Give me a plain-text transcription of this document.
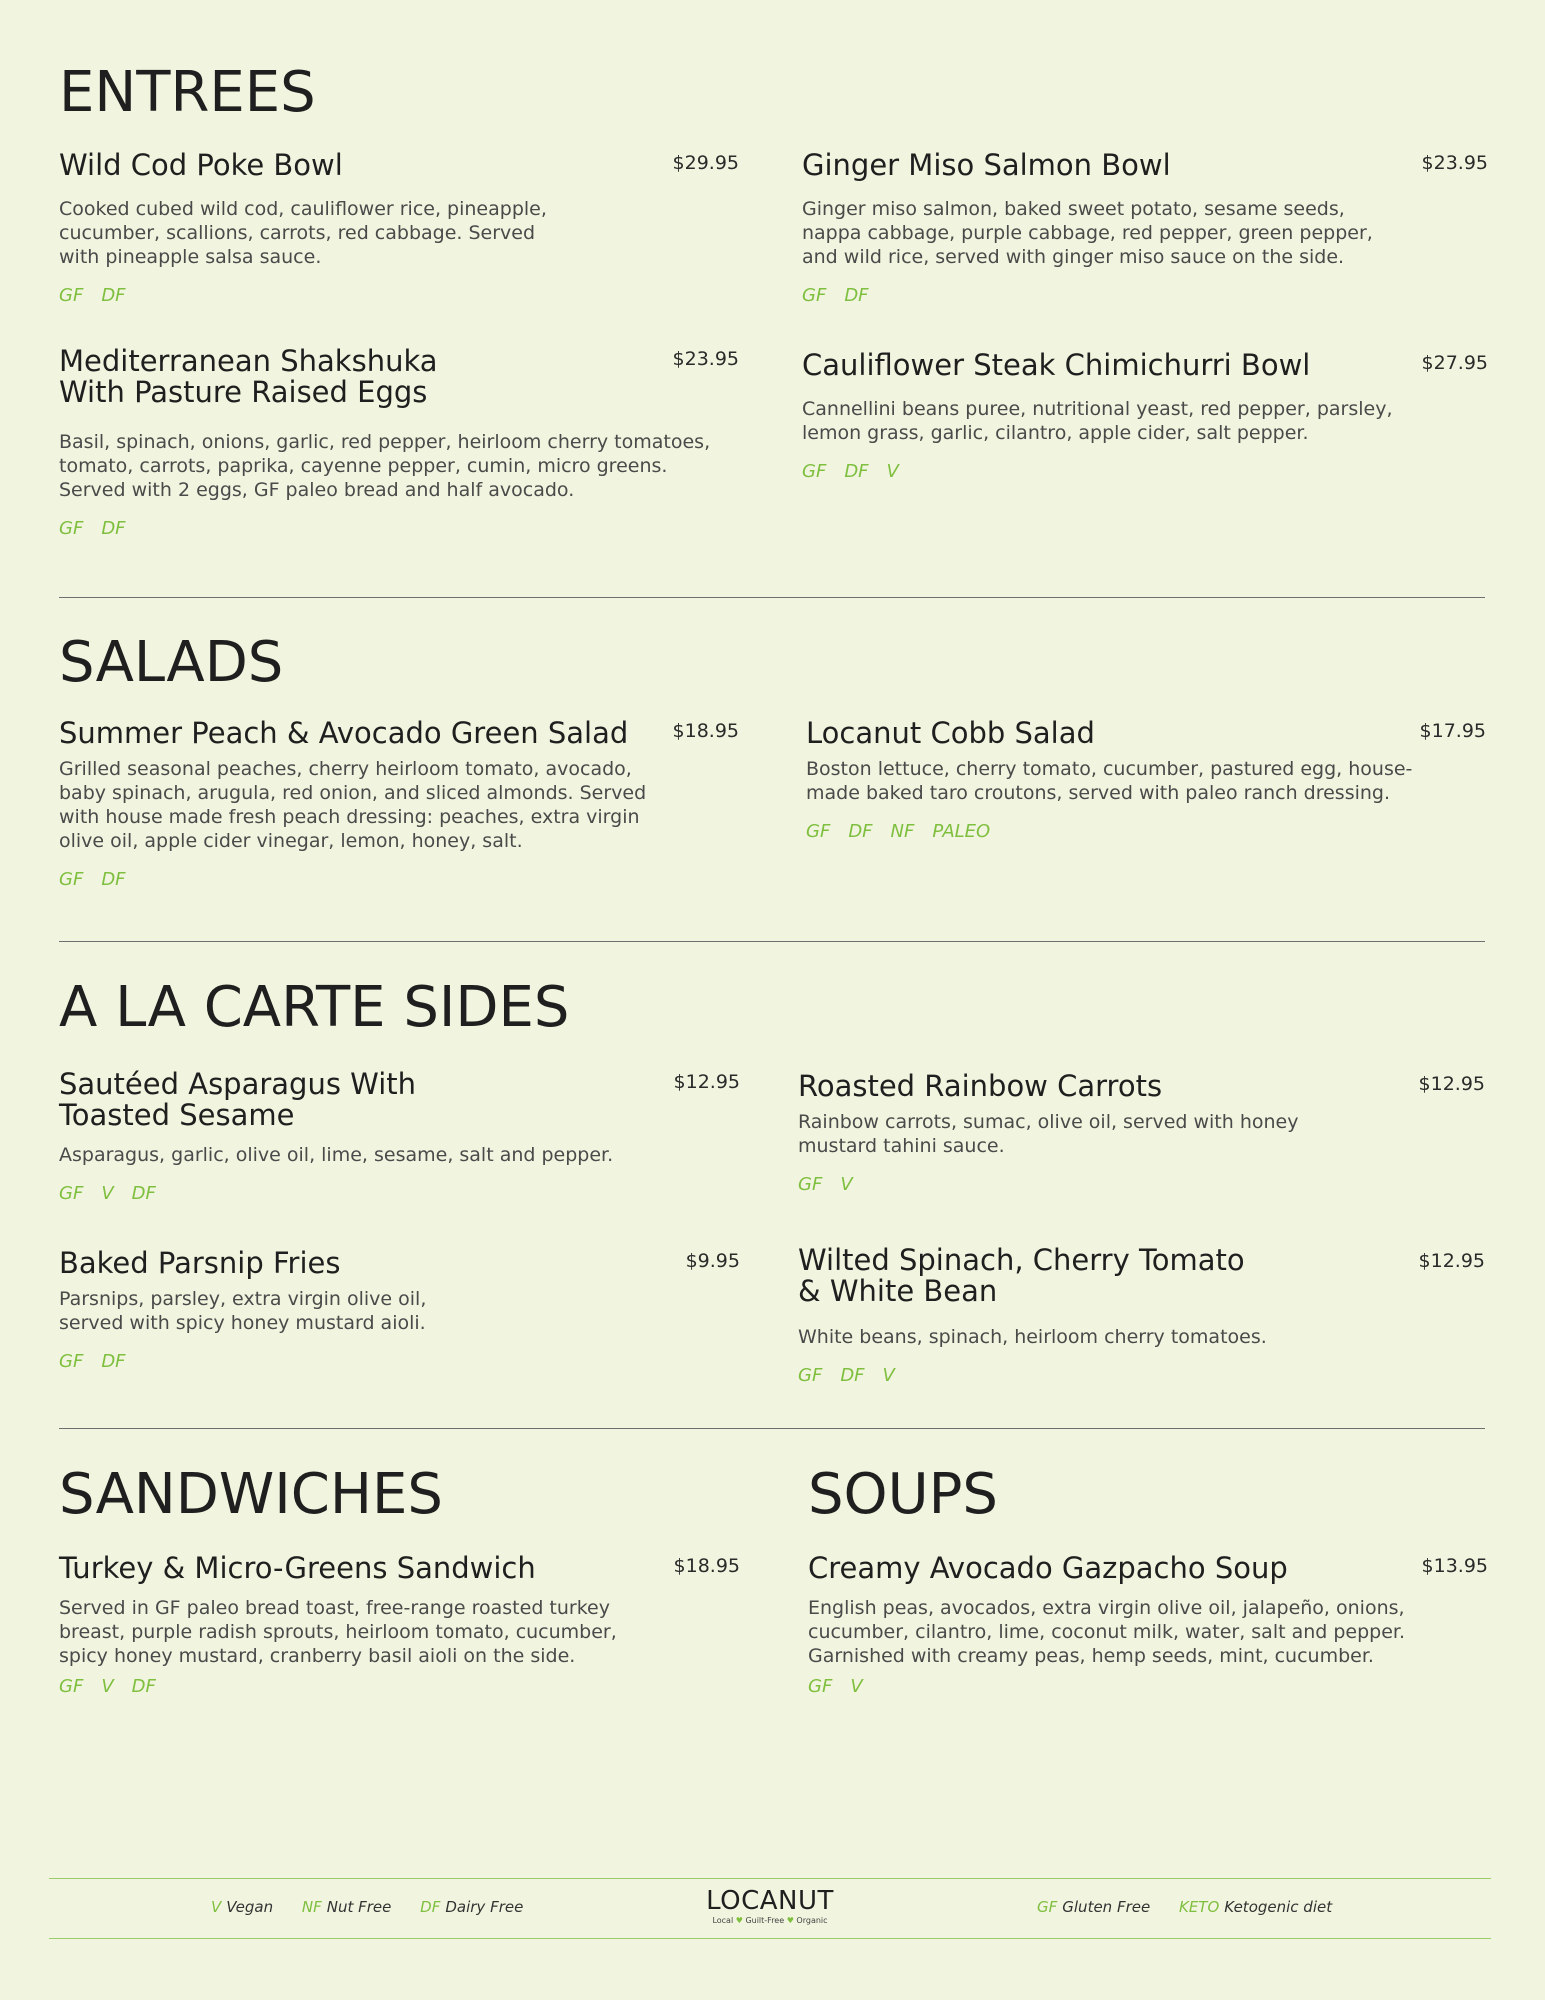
ENTREES
Wild Cod Poke Bowl	$29.95
Cooked cubed wild cod, cauliflower rice, pineapple,
cucumber, scallions, carrots, red cabbage. Served
with pineapple salsa sauce.
GF DF
Ginger Miso Salmon Bowl	$23.95
Ginger miso salmon, baked sweet potato, sesame seeds,
nappa cabbage, purple cabbage, red pepper, green pepper,
and wild rice, served with ginger miso sauce on the side.
GF DF
Mediterranean Shakshuka
With Pasture Raised Eggs
$23.95
Basil, spinach, onions, garlic, red pepper, heirloom cherry tomatoes,
tomato, carrots, paprika, cayenne pepper, cumin, micro greens.
Served with 2 eggs, GF paleo bread and half avocado.
GF DF
Cauliflower Steak Chimichurri Bowl	$27.95
Cannellini beans puree, nutritional yeast, red pepper, parsley,
lemon grass, garlic, cilantro, apple cider, salt pepper.
GF DF V
SALADS
Summer Peach & Avocado Green Salad	$18.95
Grilled seasonal peaches, cherry heirloom tomato, avocado,
baby spinach, arugula, red onion, and sliced almonds. Served
with house made fresh peach dressing: peaches, extra virgin
olive oil, apple cider vinegar, lemon, honey, salt.
GF DF
Locanut Cobb Salad	$17.95
Boston lettuce, cherry tomato, cucumber, pastured egg, house-
made baked taro croutons, served with paleo ranch dressing.
GF DF NF PALEO
A LA CARTE SIDES
Sautéed Asparagus With
Toasted Sesame
$12.95
Asparagus, garlic, olive oil, lime, sesame, salt and pepper.
GF V DF
Roasted Rainbow Carrots	$12.95
Rainbow carrots, sumac, olive oil, served with honey
mustard tahini sauce.
GF V
Baked Parsnip Fries	$9.95
Parsnips, parsley, extra virgin olive oil,
served with spicy honey mustard aioli.
GF DF
Wilted Spinach, Cherry Tomato
& White Bean
$12.95
White beans, spinach, heirloom cherry tomatoes.
GF DF V
SANDWICHES
Turkey & Micro-Greens Sandwich	$18.95
Served in GF paleo bread toast, free-range roasted turkey
breast, purple radish sprouts, heirloom tomato, cucumber,
spicy honey mustard, cranberry basil aioli on the side.
GF V DF
SOUPS
Creamy Avocado Gazpacho Soup	$13.95
English peas, avocados, extra virgin olive oil, jalapeño, onions,
cucumber, cilantro, lime, coconut milk, water, salt and pepper.
Garnished with creamy peas, hemp seeds, mint, cucumber.
GF V
V Vegan NF Nut Free DF Dairy Free	LOCANUT
Local ♥ Guilt-Free ♥ Organic
GF Gluten Free KETO Ketogenic diet
